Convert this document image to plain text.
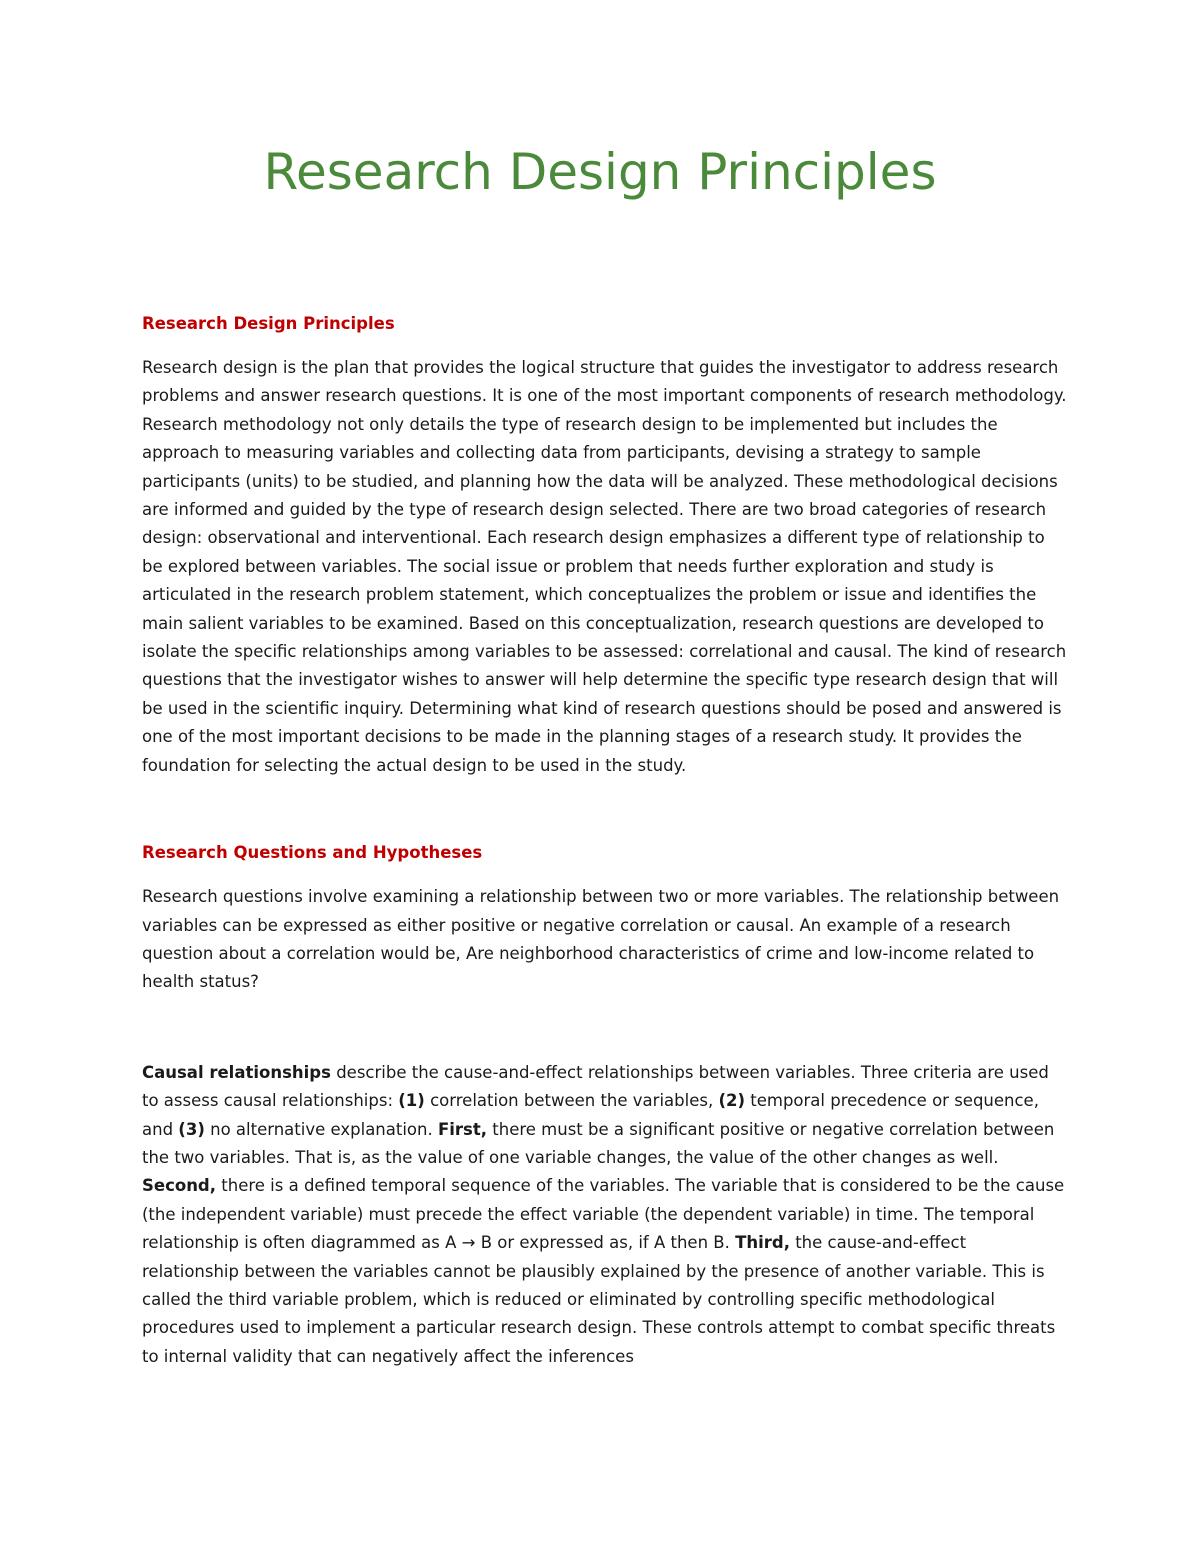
Research Design Principles
Research Design Principles

Research design is the plan that provides the logical structure that guides the investigator to address research problems and answer research questions. It is one of the most important components of research methodology. Research methodology not only details the type of research design to be implemented but includes the approach to measuring variables and collecting data from participants, devising a strategy to sample participants (units) to be studied, and planning how the data will be analyzed. These methodological decisions are informed and guided by the type of research design selected. There are two broad categories of research design: observational and interventional. Each research design emphasizes a different type of relationship to be explored between variables. The social issue or problem that needs further exploration and study is articulated in the research problem statement, which conceptualizes the problem or issue and identifies the main salient variables to be examined. Based on this conceptualization, research questions are developed to isolate the specific relationships among variables to be assessed: correlational and causal. The kind of research questions that the investigator wishes to answer will help determine the specific type research design that will be used in the scientific inquiry. Determining what kind of research questions should be posed and answered is one of the most important decisions to be made in the planning stages of a research study. It provides the foundation for selecting the actual design to be used in the study.

Research Questions and Hypotheses

Research questions involve examining a relationship between two or more variables. The relationship between variables can be expressed as either positive or negative correlation or causal. An example of a research question about a correlation would be, Are neighborhood characteristics of crime and low-income related to health status?

Causal relationships describe the cause-and-effect relationships between variables. Three criteria are used to assess causal relationships: (1) correlation between the variables, (2) temporal precedence or sequence, and (3) no alternative explanation. First, there must be a significant positive or negative correlation between the two variables. That is, as the value of one variable changes, the value of the other changes as well. Second, there is a defined temporal sequence of the variables. The variable that is considered to be the cause (the independent variable) must precede the effect variable (the dependent variable) in time. The temporal relationship is often diagrammed as A → B or expressed as, if A then B. Third, the cause-and-effect relationship between the variables cannot be plausibly explained by the presence of another variable. This is called the third variable problem, which is reduced or eliminated by controlling specific methodological procedures used to implement a particular research design. These controls attempt to combat specific threats to internal validity that can negatively affect the inferences
